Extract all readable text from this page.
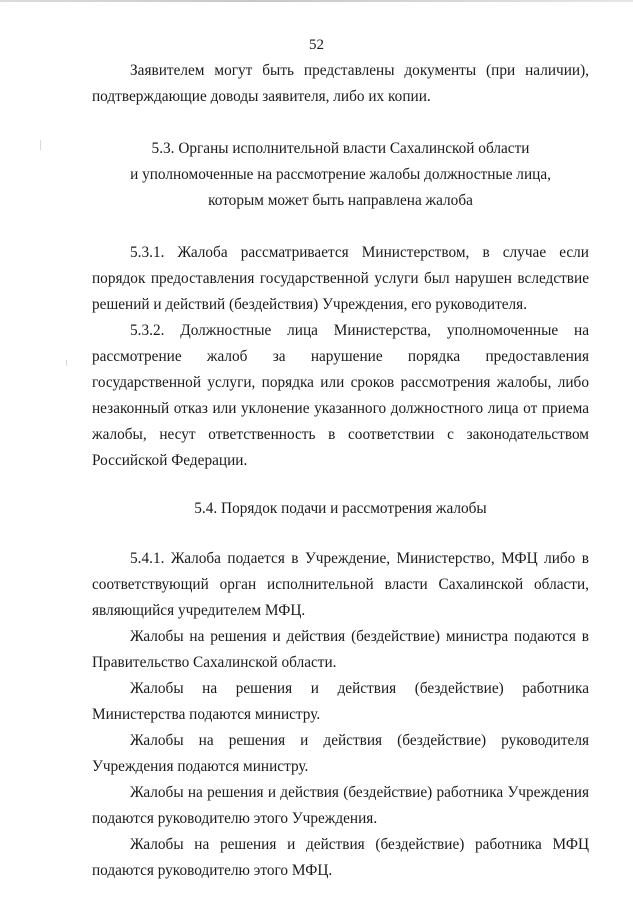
52

Заявителем могут быть представлены документы (при наличии), подтверждающие доводы заявителя, либо их копии.

5.3. Органы исполнительной власти Сахалинской области

и уполномоченные на рассмотрение жалобы должностные лица,

которым может быть направлена жалоба

5.3.1. Жалоба рассматривается Министерством, в случае если порядок предоставления государственной услуги был нарушен вследствие решений и действий (бездействия) Учреждения, его руководителя.

5.3.2. Должностные лица Министерства, уполномоченные на рассмотрение жалоб за нарушение порядка предоставления государственной услуги, порядка или сроков рассмотрения жалобы, либо незаконный отказ или уклонение указанного должностного лица от приема жалобы, несут ответственность в соответствии с законодательством Российской Федерации.

5.4. Порядок подачи и рассмотрения жалобы

5.4.1. Жалоба подается в Учреждение, Министерство, МФЦ либо в соответствующий орган исполнительной власти Сахалинской области, являющийся учредителем МФЦ.

Жалобы на решения и действия (бездействие) министра подаются в Правительство Сахалинской области.

Жалобы на решения и действия (бездействие) работника Министерства подаются министру.

Жалобы на решения и действия (бездействие) руководителя Учреждения подаются министру.

Жалобы на решения и действия (бездействие) работника Учреждения подаются руководителю этого Учреждения.

Жалобы на решения и действия (бездействие) работника МФЦ подаются руководителю этого МФЦ.
